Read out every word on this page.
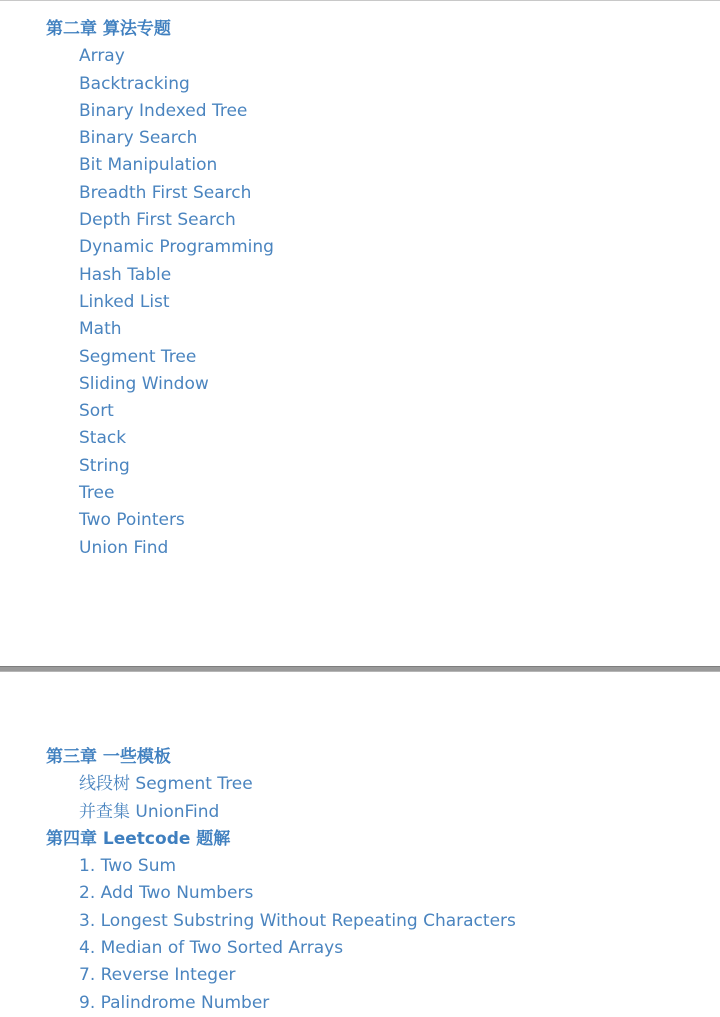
第二章 算法专题
Array
Backtracking
Binary Indexed Tree
Binary Search
Bit Manipulation
Breadth First Search
Depth First Search
Dynamic Programming
Hash Table
Linked List
Math
Segment Tree
Sliding Window
Sort
Stack
String
Tree
Two Pointers
Union Find
第三章 一些模板
线段树 Segment Tree
并查集 UnionFind
第四章 Leetcode 题解
1. Two Sum
2. Add Two Numbers
3. Longest Substring Without Repeating Characters
4. Median of Two Sorted Arrays
7. Reverse Integer
9. Palindrome Number
